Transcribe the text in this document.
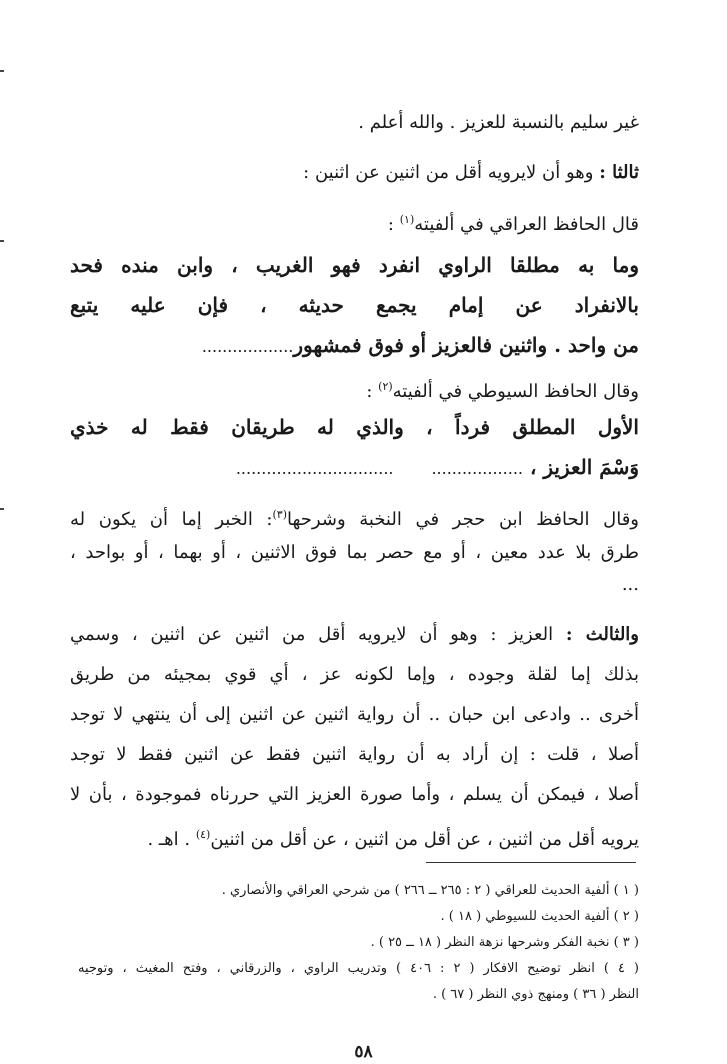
غير سليم بالنسبة للعزيز . والله أعلم .
ثالثا : وهو أن لايرويه أقل من اثنين عن اثنين :
قال الحافظ العراقي في ألفيته$^{(١)}$ :
وما به مطلقا الراوي انفرد فهو الغريب ، وابن منده فحد
بالانفراد عن إمام يجمع حديثه ، فإن عليه يتبع
من واحد . واثنين فالعزيز أو فوق فمشهور..................
وقال الحافظ السيوطي في ألفيته$^{(٢)}$ :
الأول المطلق فرداً ، والذي له طريقان فقط له خذي
وَسْمَ العزيز ، ..................  ...............................
وقال الحافظ ابن حجر في النخبة وشرحها$^{(٣)}$: الخبر إما أن يكون له
طرق بلا عدد معين ، أو مع حصر بما فوق الاثنين ، أو بهما ، أو بواحد ،
...
والثالث : العزيز : وهو أن لايرويه أقل من اثنين عن اثنين ، وسمي
بذلك إما لقلة وجوده ، وإما لكونه عز ، أي قوي بمجيئه من طريق
أخرى .. وادعى ابن حبان .. أن رواية اثنين عن اثنين إلى أن ينتهي لا توجد
أصلا ، قلت : إن أراد به أن رواية اثنين فقط عن اثنين فقط لا توجد
أصلا ، فيمكن أن يسلم ، وأما صورة العزيز التي حررناه فموجودة ، بأن لا
يرويه أقل من اثنين ، عن أقل من اثنين ، عن أقل من اثنين$^{(٤)}$ . اهـ .
( ١ ) ألفية الحديث للعراقي ( ٢ : ٢٦٥ ــ ٢٦٦ ) من شرحي العراقي والأنصاري .
( ٢ ) ألفية الحديث للسيوطي ( ١٨ ) .
( ٣ ) نخبة الفكر وشرحها نزهة النظر ( ١٨ ــ ٢٥ ) .
( ٤ ) انظر توضيح الافكار ( ٢ : ٤٠٦ ) وتدريب الراوي ، والزرقاني ، وفتح المغيث ، وتوجيه
النظر ( ٣٦ ) ومنهج ذوي النظر ( ٦٧ ) .
٥٨
